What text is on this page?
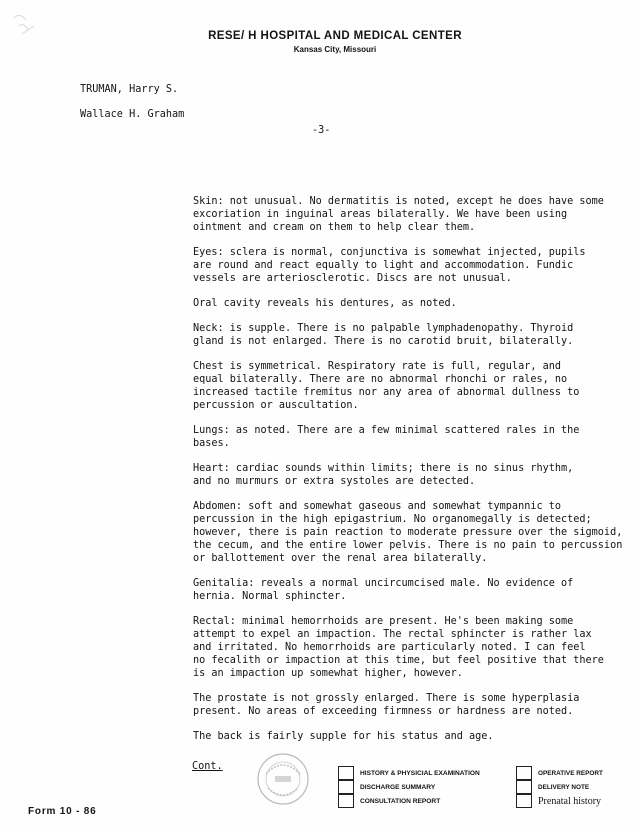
RESE/ H HOSPITAL AND MEDICAL CENTER
Kansas City, Missouri
TRUMAN, Harry S.
Wallace H. Graham
-3-
Skin: not unusual. No dermatitis is noted, except he does have some
excoriation in inguinal areas bilaterally. We have been using
ointment and cream on them to help clear them.
Eyes: sclera is normal, conjunctiva is somewhat injected, pupils
are round and react equally to light and accommodation. Fundic
vessels are arteriosclerotic. Discs are not unusual.
Oral cavity reveals his dentures, as noted.
Neck: is supple. There is no palpable lymphadenopathy. Thyroid
gland is not enlarged. There is no carotid bruit, bilaterally.
Chest is symmetrical. Respiratory rate is full, regular, and
equal bilaterally. There are no abnormal rhonchi or rales, no
increased tactile fremitus nor any area of abnormal dullness to
percussion or auscultation.
Lungs: as noted. There are a few minimal scattered rales in the
bases.
Heart: cardiac sounds within limits; there is no sinus rhythm,
and no murmurs or extra systoles are detected.
Abdomen: soft and somewhat gaseous and somewhat tympannic to
percussion in the high epigastrium. No organomegally is detected;
however, there is pain reaction to moderate pressure over the sigmoid,
the cecum, and the entire lower pelvis. There is no pain to percussion
or ballottement over the renal area bilaterally.
Genitalia: reveals a normal uncircumcised male. No evidence of
hernia. Normal sphincter.
Rectal: minimal hemorrhoids are present. He's been making some
attempt to expel an impaction. The rectal sphincter is rather lax
and irritated. No hemorrhoids are particularly noted. I can feel
no fecalith or impaction at this time, but feel positive that there
is an impaction up somewhat higher, however.
The prostate is not grossly enlarged. There is some hyperplasia
present. No areas of exceeding firmness or hardness are noted.
The back is fairly supple for his status and age.
Cont.
HISTORY & PHYSICIAL EXAMINATION
DISCHARGE SUMMARY
CONSULTATION REPORT
OPERATIVE REPORT
DELIVERY NOTE
Prenatal history
Form 10 - 86
